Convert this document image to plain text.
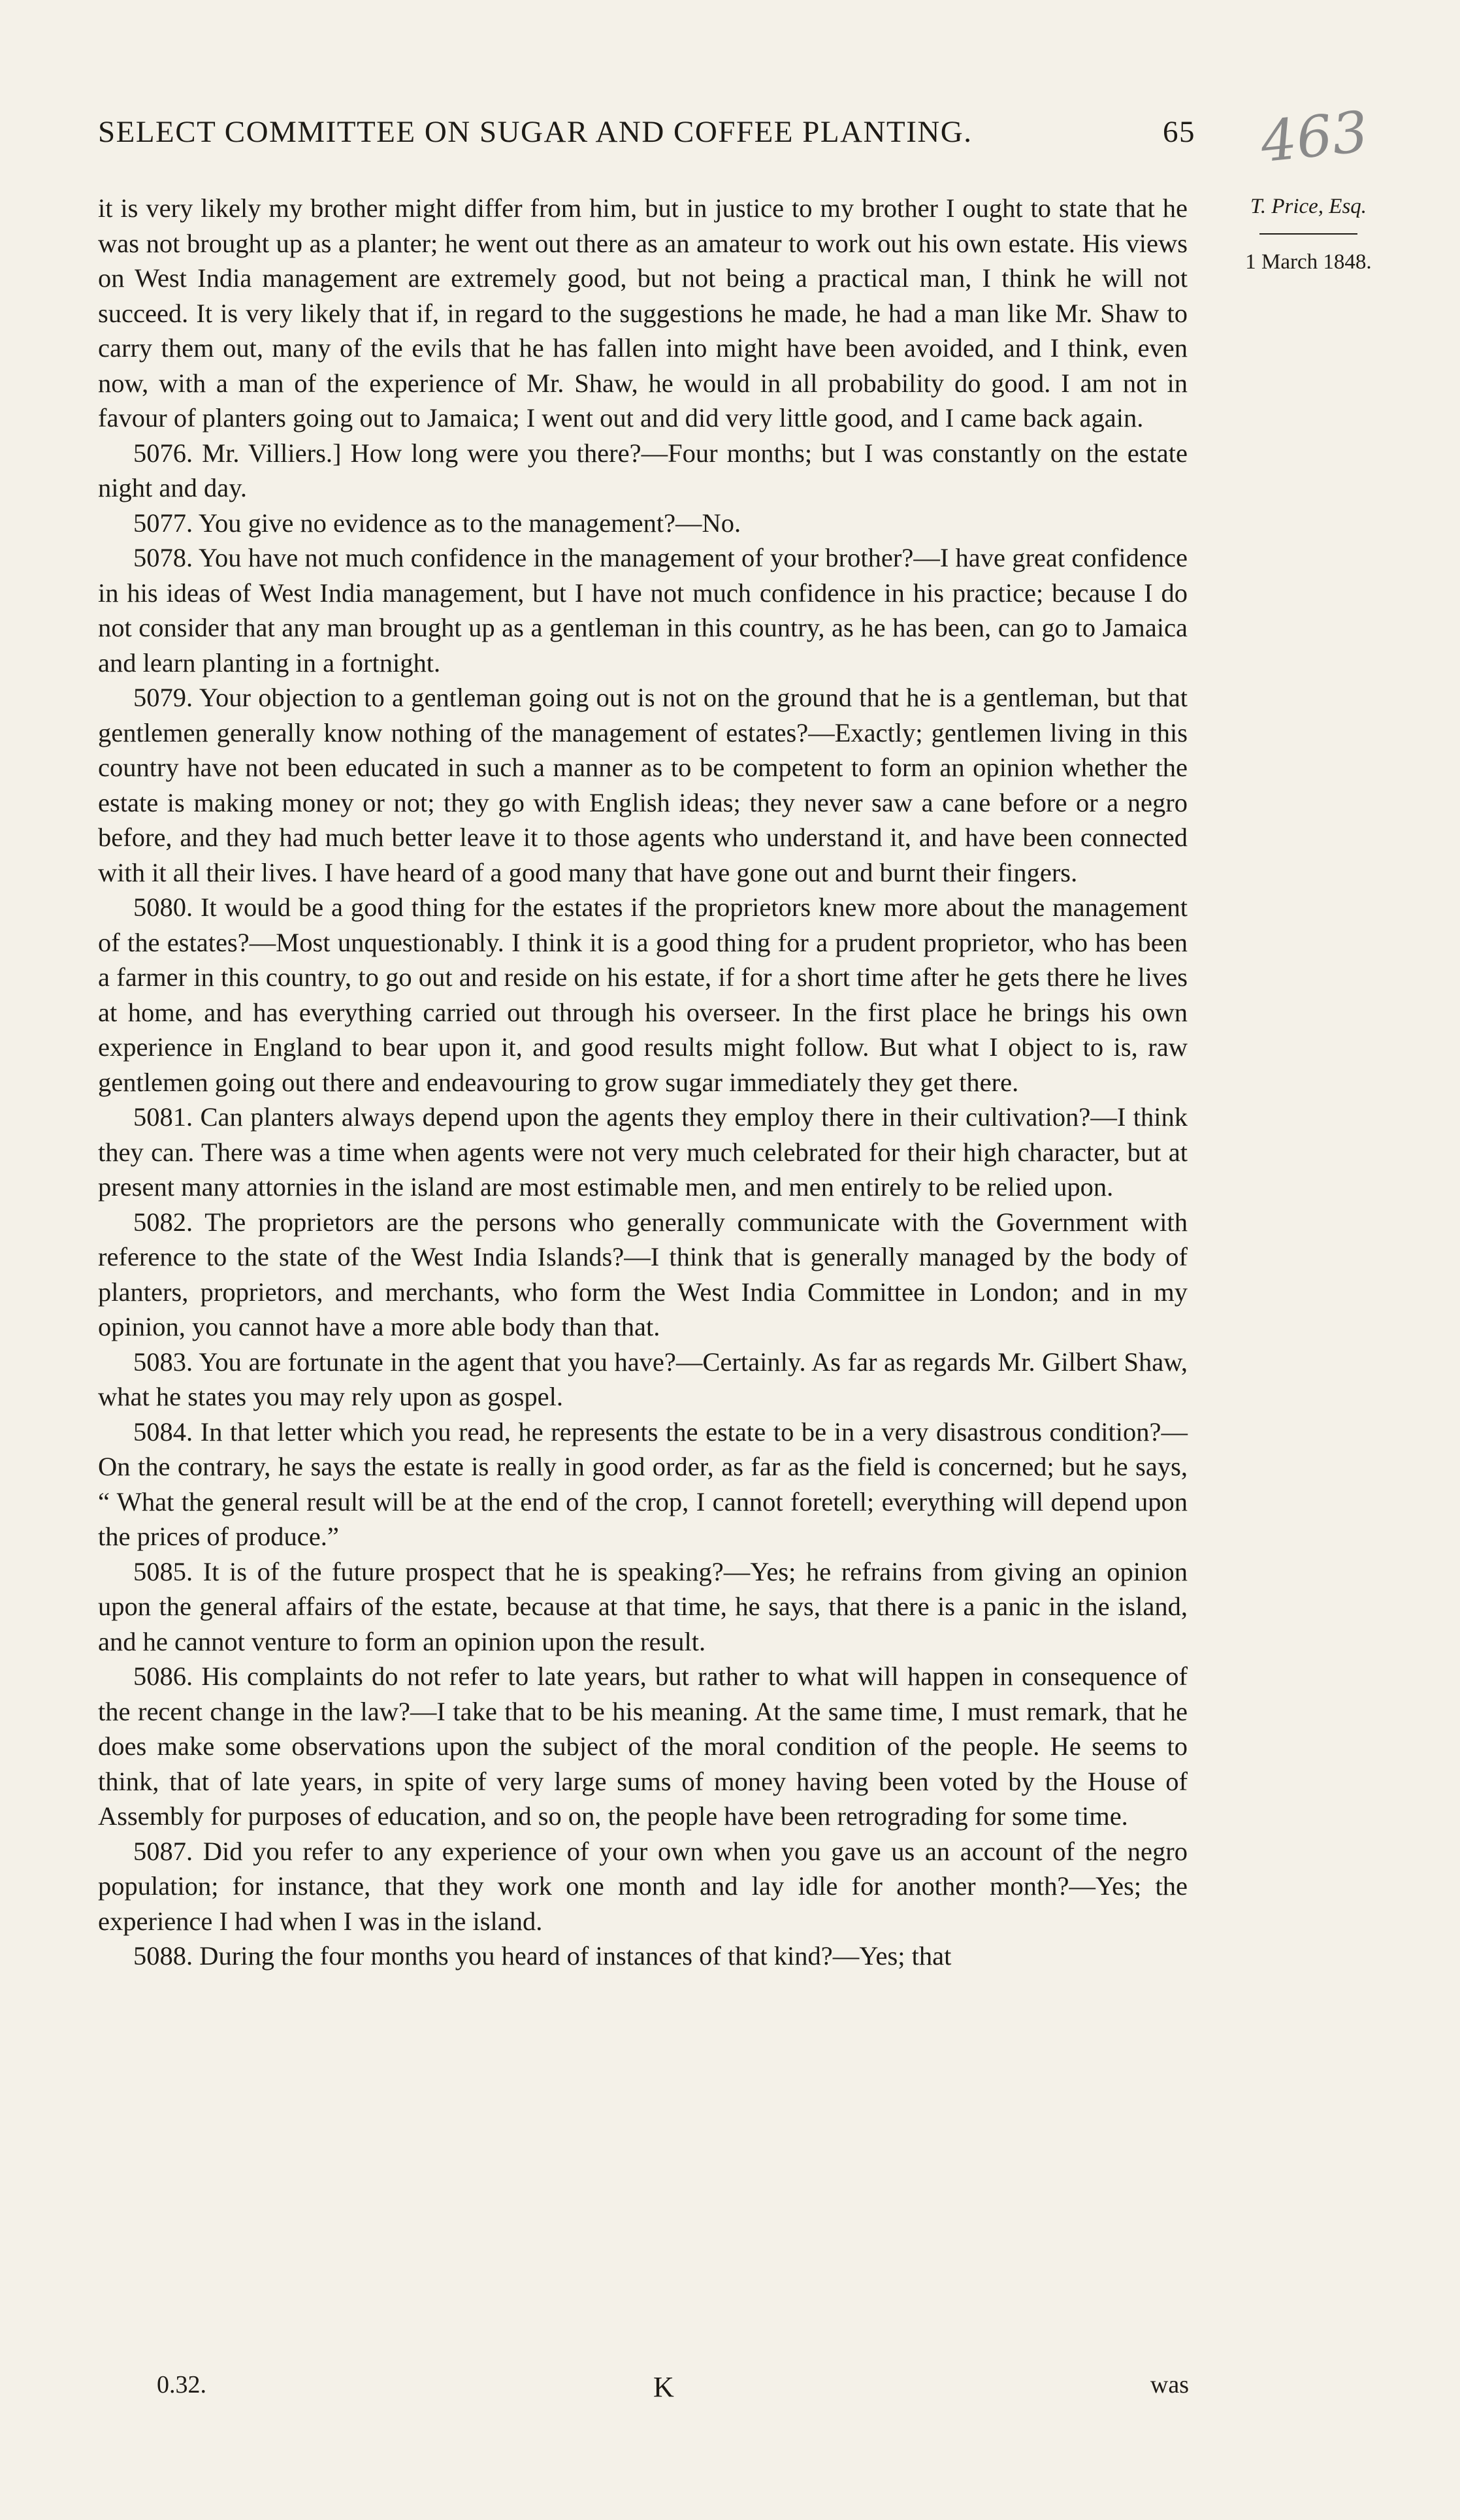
SELECT COMMITTEE ON SUGAR AND COFFEE PLANTING.	65 463
T. Price, Esq.
1 March 1848.

it is very likely my brother might differ from him, but in justice to my brother I ought to state that he was not brought up as a planter; he went out there as an amateur to work out his own estate. His views on West India management are extremely good, but not being a practical man, I think he will not succeed. It is very likely that if, in regard to the suggestions he made, he had a man like Mr. Shaw to carry them out, many of the evils that he has fallen into might have been avoided, and I think, even now, with a man of the experience of Mr. Shaw, he would in all probability do good. I am not in favour of planters going out to Jamaica; I went out and did very little good, and I came back again.

5076. Mr. Villiers.] How long were you there?—Four months; but I was constantly on the estate night and day.

5077. You give no evidence as to the management?—No.

5078. You have not much confidence in the management of your brother?—I have great confidence in his ideas of West India management, but I have not much confidence in his practice; because I do not consider that any man brought up as a gentleman in this country, as he has been, can go to Jamaica and learn planting in a fortnight.

5079. Your objection to a gentleman going out is not on the ground that he is a gentleman, but that gentlemen generally know nothing of the management of estates?—Exactly; gentlemen living in this country have not been educated in such a manner as to be competent to form an opinion whether the estate is making money or not; they go with English ideas; they never saw a cane before or a negro before, and they had much better leave it to those agents who understand it, and have been connected with it all their lives. I have heard of a good many that have gone out and burnt their fingers.

5080. It would be a good thing for the estates if the proprietors knew more about the management of the estates?—Most unquestionably. I think it is a good thing for a prudent proprietor, who has been a farmer in this country, to go out and reside on his estate, if for a short time after he gets there he lives at home, and has everything carried out through his overseer. In the first place he brings his own experience in England to bear upon it, and good results might follow. But what I object to is, raw gentlemen going out there and endeavouring to grow sugar immediately they get there.

5081. Can planters always depend upon the agents they employ there in their cultivation?—I think they can. There was a time when agents were not very much celebrated for their high character, but at present many attornies in the island are most estimable men, and men entirely to be relied upon.

5082. The proprietors are the persons who generally communicate with the Government with reference to the state of the West India Islands?—I think that is generally managed by the body of planters, proprietors, and merchants, who form the West India Committee in London; and in my opinion, you cannot have a more able body than that.

5083. You are fortunate in the agent that you have?—Certainly. As far as regards Mr. Gilbert Shaw, what he states you may rely upon as gospel.

5084. In that letter which you read, he represents the estate to be in a very disastrous condition?—On the contrary, he says the estate is really in good order, as far as the field is concerned; but he says, “ What the general result will be at the end of the crop, I cannot foretell; everything will depend upon the prices of produce.”

5085. It is of the future prospect that he is speaking?—Yes; he refrains from giving an opinion upon the general affairs of the estate, because at that time, he says, that there is a panic in the island, and he cannot venture to form an opinion upon the result.

5086. His complaints do not refer to late years, but rather to what will happen in consequence of the recent change in the law?—I take that to be his meaning. At the same time, I must remark, that he does make some observations upon the subject of the moral condition of the people. He seems to think, that of late years, in spite of very large sums of money having been voted by the House of Assembly for purposes of education, and so on, the people have been retrograding for some time.

5087. Did you refer to any experience of your own when you gave us an account of the negro population; for instance, that they work one month and lay idle for another month?—Yes; the experience I had when I was in the island.

5088. During the four months you heard of instances of that kind?—Yes; that

0.32.	K	was
